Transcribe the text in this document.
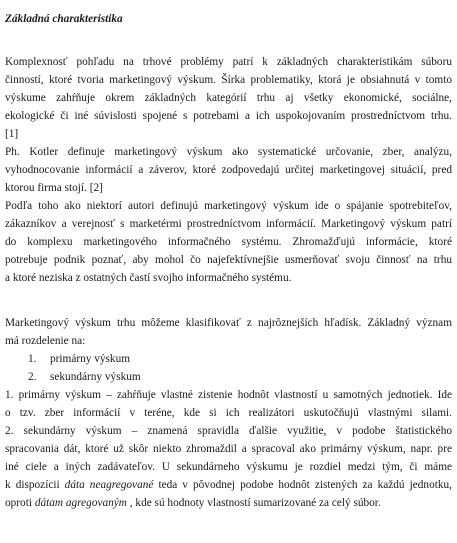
Základná charakteristika
Komplexnosť pohľadu na trhové problémy patrí k základných charakteristikám súboru
činností, ktoré tvoria marketingový výskum. Šírka problematiky, ktorá je obsiahnutá v tomto
výskume zahŕňuje okrem základných kategórií trhu aj všetky ekonomické, sociálne,
ekologické či iné súvislosti spojené s potrebami a ich uspokojovaním prostredníctvom trhu.
[1]
Ph. Kotler definuje marketingový výskum ako systematické určovanie, zber, analýzu,
vyhodnocovanie informácií a záverov, ktoré zodpovedajú určitej marketingovej situácií, pred
ktorou firma stojí. [2]
Podľa toho ako niektorí autori definujú marketingový výskum ide o spájanie spotrebiteľov,
zákazníkov a verejnosť s marketérmi prostredníctvom informácií. Marketingový výskum patrí
do komplexu marketingového informačného systému. Zhromažďujú informácie, ktoré
potrebuje podnik poznať, aby mohol čo najefektívnejšie usmerňovať svoju činnosť na trhu
a ktoré neziska z ostatných častí svojho informačného systému.
Marketingový výskum trhu môžeme klasifikovať z najrôznejších hľadísk. Základný význam
má rozdelenie na:
1. primárny výskum
2. sekundárny výskum
1. primárny výskum – zahŕňuje vlastné zistenie hodnôt vlastností u samotných jednotiek. Ide
o tzv. zber informácií v teréne, kde si ich realizátori uskutočňujú vlastnými silami.
2. sekundárny výskum – znamená spravidla ďalšie využitie, v podobe štatistického
spracovania dát, ktoré už skôr niekto zhromaždil a spracoval ako primárny výskum, napr. pre
iné ciele a iných zadávateľov. U sekundárneho výskumu je rozdiel medzi tým, či máme
k dispozícii dáta neagregované teda v pôvodnej podobe hodnôt zistených za každú jednotku,
oproti dátam agregovaným , kde sú hodnoty vlastností sumarizované za celý súbor.
